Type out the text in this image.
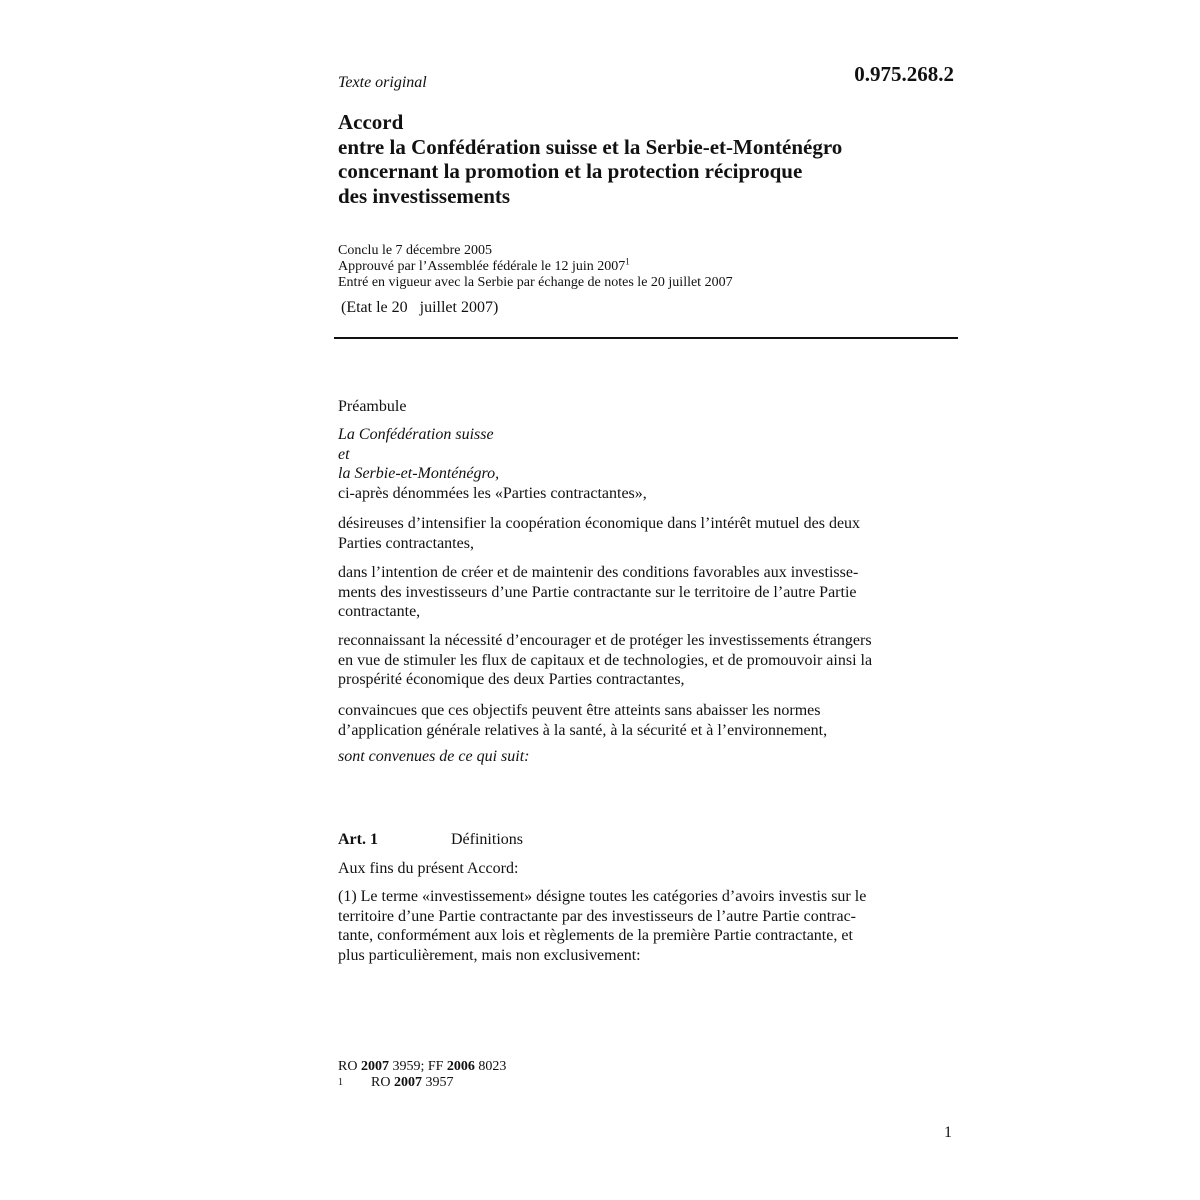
Texte original	0.975.268.2
Accord
entre la Confédération suisse et la Serbie-et-Monténégro
concernant la promotion et la protection réciproque
des investissements
Conclu le 7 décembre 2005
Approuvé par l’Assemblée fédérale le 12 juin 2007$^1$
Entré en vigueur avec la Serbie par échange de notes le 20 juillet 2007
(Etat le 20   juillet 2007)
Préambule
La Confédération suisse
et
la Serbie-et-Monténégro,
ci-après dénommées les «Parties contractantes»,
désireuses d’intensifier la coopération économique dans l’intérêt mutuel des deux
Parties contractantes,
dans l’intention de créer et de maintenir des conditions favorables aux investisse-
ments des investisseurs d’une Partie contractante sur le territoire de l’autre Partie
contractante,
reconnaissant la nécessité d’encourager et de protéger les investissements étrangers
en vue de stimuler les flux de capitaux et de technologies, et de promouvoir ainsi la
prospérité économique des deux Parties contractantes,
convaincues que ces objectifs peuvent être atteints sans abaisser les normes
d’application générale relatives à la santé, à la sécurité et à l’environnement,
sont convenues de ce qui suit:
Art. 1	Définitions
Aux fins du présent Accord:
(1) Le terme «investissement» désigne toutes les catégories d’avoirs investis sur le
territoire d’une Partie contractante par des investisseurs de l’autre Partie contrac-
tante, conformément aux lois et règlements de la première Partie contractante, et
plus particulièrement, mais non exclusivement:
RO 2007 3959; FF 2006 8023
1 RO 2007 3957
1
